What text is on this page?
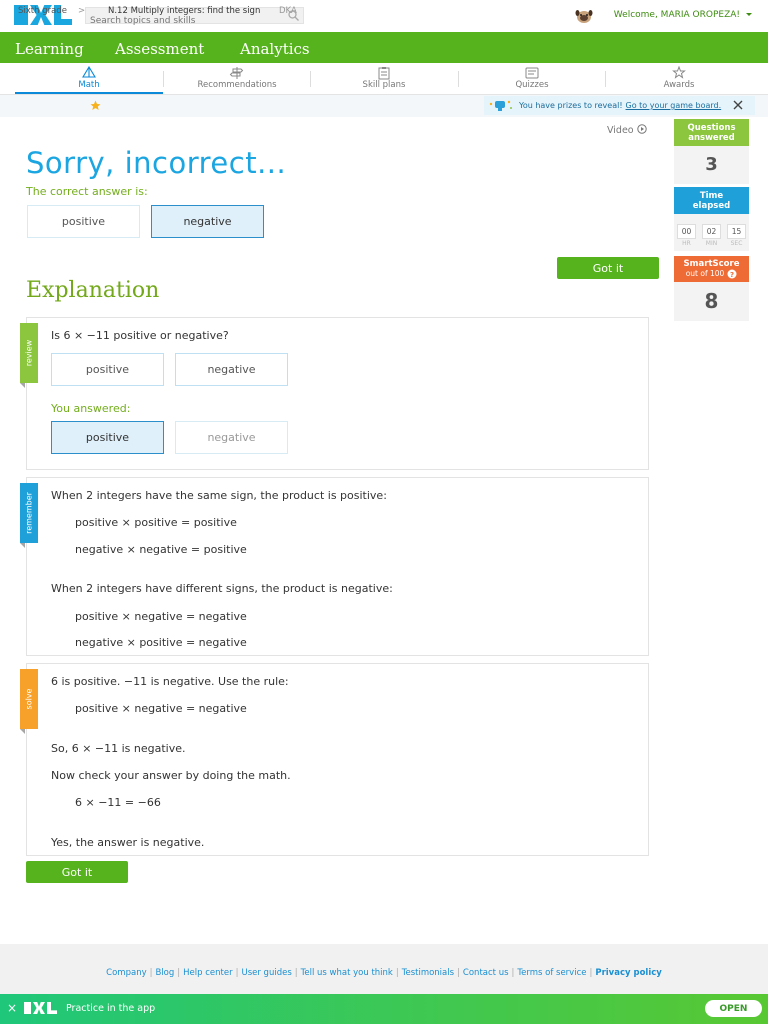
Search topics and skills
Welcome, MARIA OROPEZA!
Learning Assessment Analytics
Math	Recommendations	Skill plans	Quizzes	Awards
Sixth grade >	N.12 Multiply integers: find the sign DKA
You have prizes to reveal! Go to your game board.
Video
Sorry, incorrect...
The correct answer is:
positive	negative
Got it
Explanation
review
Is 6 × −11 positive or negative?
positive	negative
You answered:
positive	negative
remember When 2 integers have the same sign, the product is positive:
positive × positive = positive
negative × negative = positive
When 2 integers have different signs, the product is negative:
positive × negative = negative
negative × positive = negative
solve
6 is positive. −11 is negative. Use the rule:
positive × negative = negative
So, 6 × −11 is negative.
Now check your answer by doing the math.
6 × −11 = −66
Yes, the answer is negative.
Got it
Questions answered
3
Time elapsed
00	02	15
HR	MIN	SEC
SmartScore
out of 100 ?
8
Company | Blog | Help center | User guides | Tell us what you think | Testimonials | Contact us | Terms of service | Privacy policy
×	Practice in the app	OPEN
